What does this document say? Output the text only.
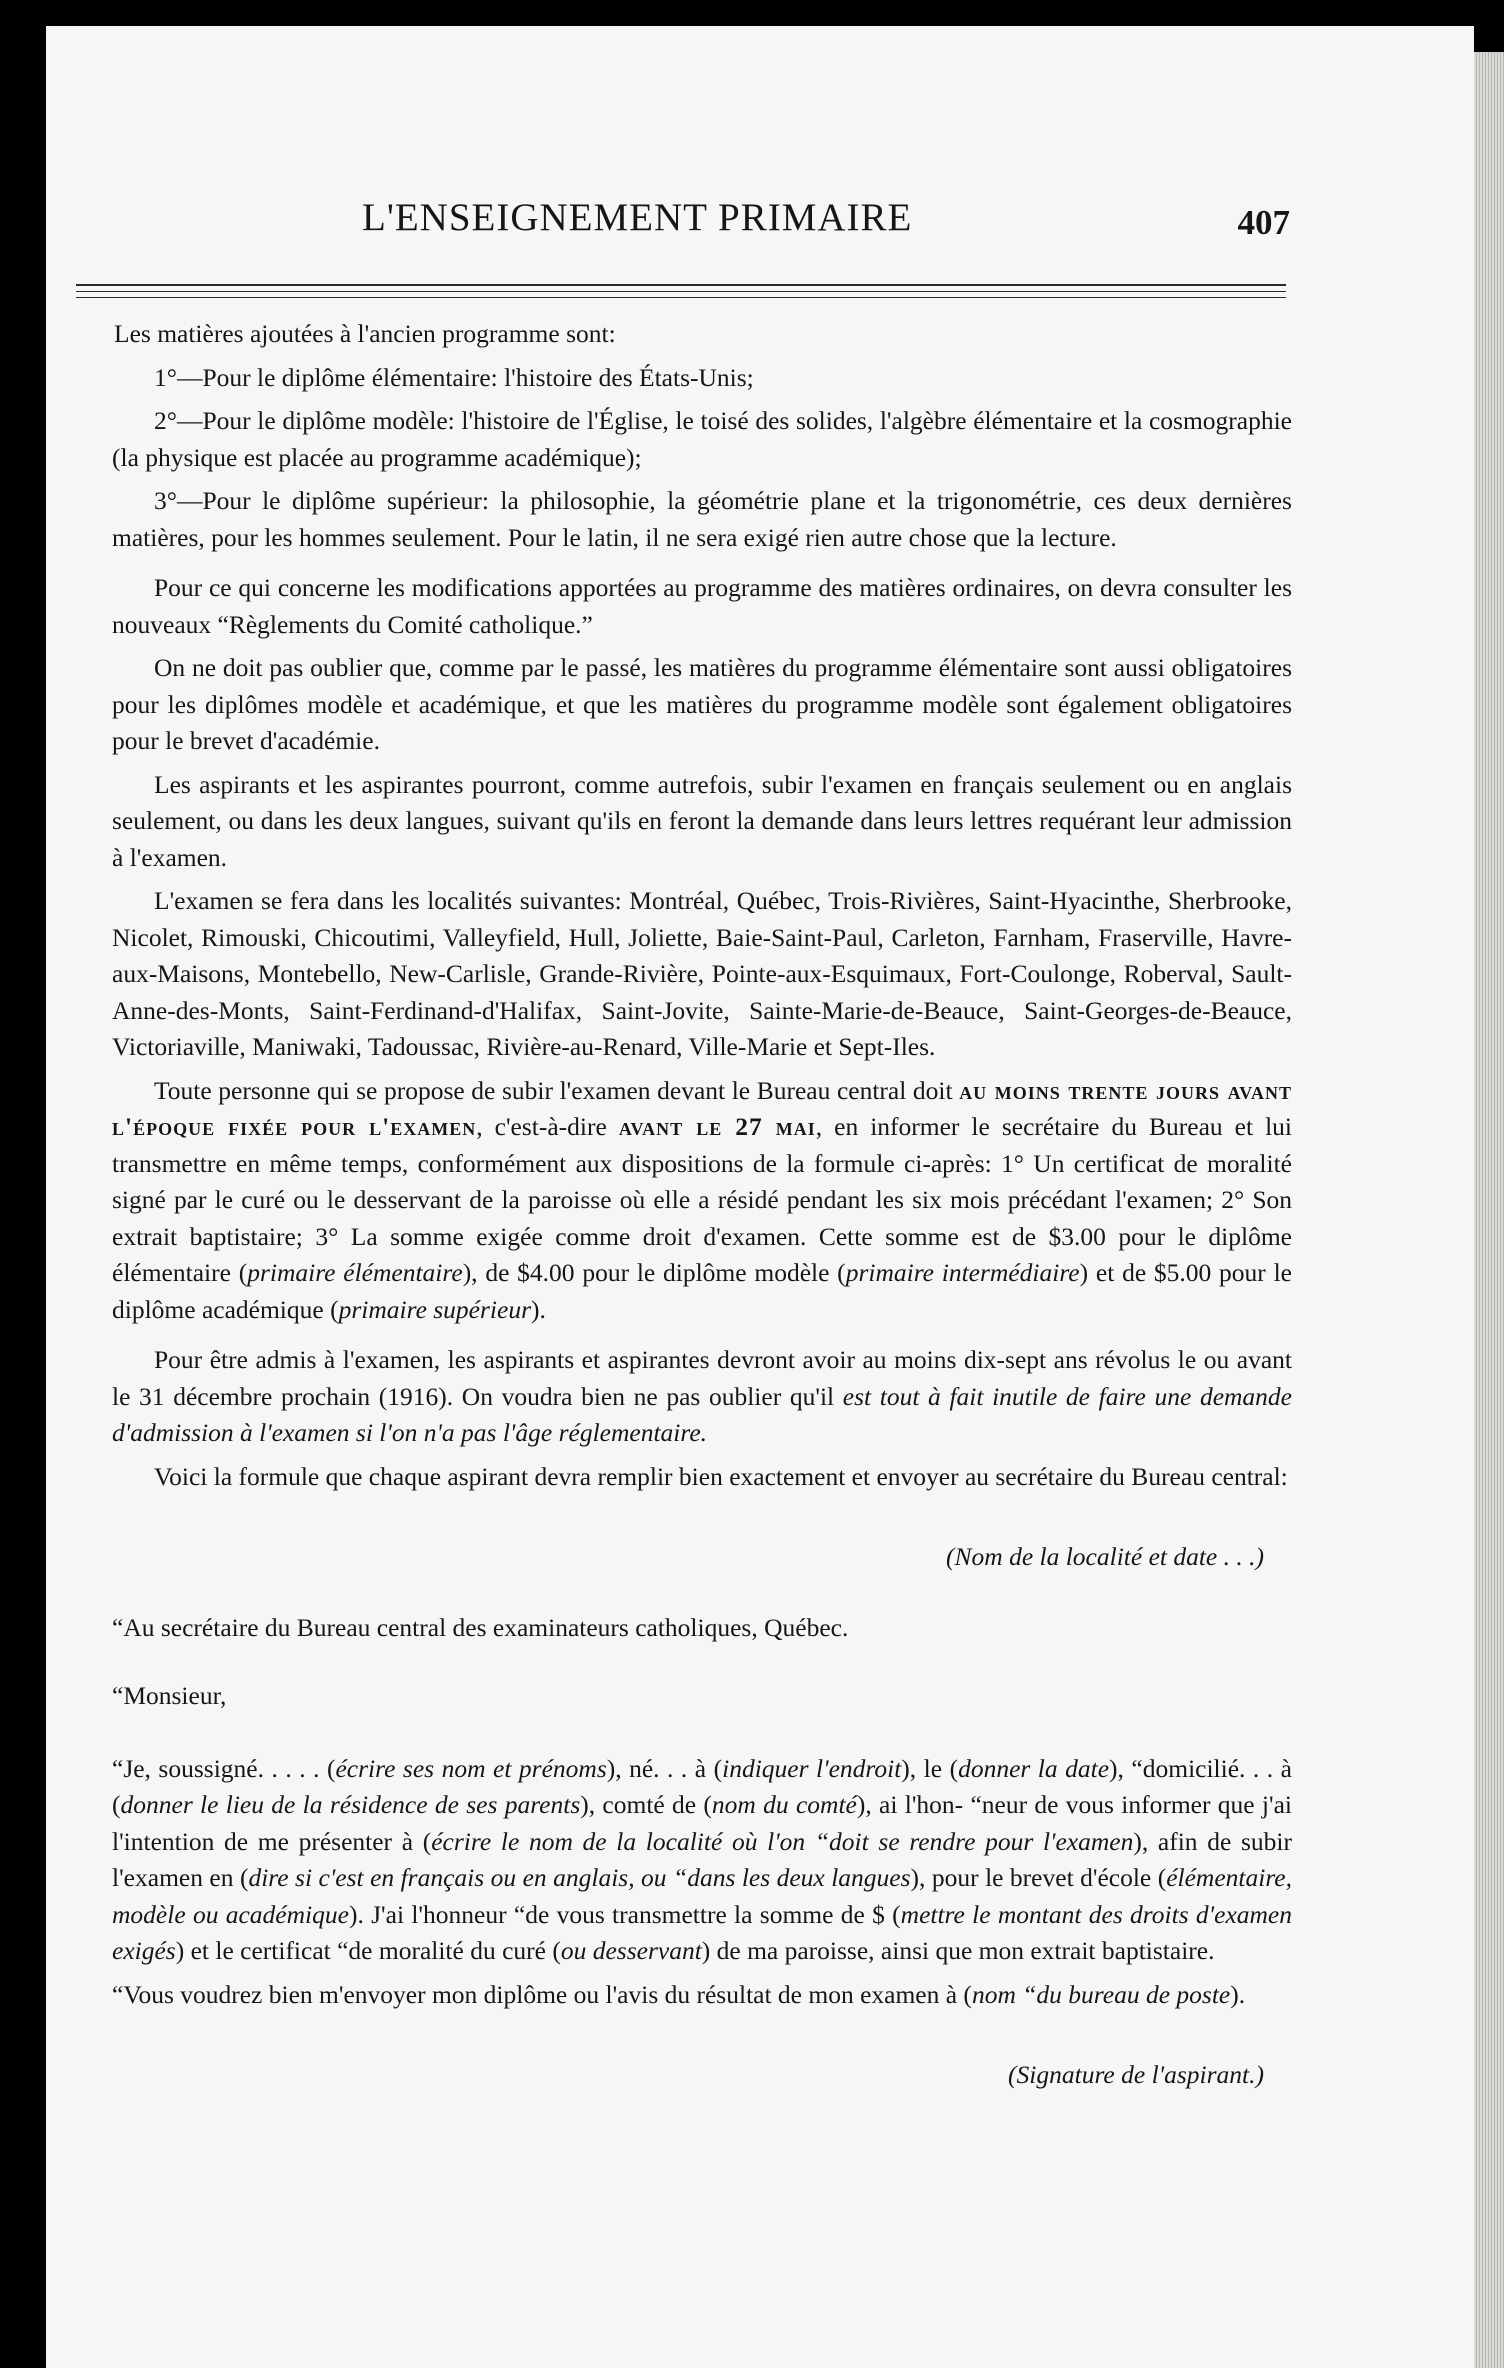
L'ENSEIGNEMENT PRIMAIRE	407

Les matières ajoutées à l'ancien programme sont:

1°—Pour le diplôme élémentaire: l'histoire des États-Unis;

2°—Pour le diplôme modèle: l'histoire de l'Église, le toisé des solides, l'algèbre élémentaire et la cosmographie (la physique est placée au programme académique);

3°—Pour le diplôme supérieur: la philosophie, la géométrie plane et la trigonométrie, ces deux dernières matières, pour les hommes seulement. Pour le latin, il ne sera exigé rien autre chose que la lecture.

Pour ce qui concerne les modifications apportées au programme des matières ordinaires, on devra consulter les nouveaux “Règlements du Comité catholique.”

On ne doit pas oublier que, comme par le passé, les matières du programme élémentaire sont aussi obligatoires pour les diplômes modèle et académique, et que les matières du programme modèle sont également obligatoires pour le brevet d'académie.

Les aspirants et les aspirantes pourront, comme autrefois, subir l'examen en français seulement ou en anglais seulement, ou dans les deux langues, suivant qu'ils en feront la demande dans leurs lettres requérant leur admission à l'examen.

L'examen se fera dans les localités suivantes: Montréal, Québec, Trois-Rivières, Saint-Hyacinthe, Sherbrooke, Nicolet, Rimouski, Chicoutimi, Valleyfield, Hull, Joliette, Baie-Saint-Paul, Carleton, Farnham, Fraserville, Havre-aux-Maisons, Montebello, New-Carlisle, Grande-Rivière, Pointe-aux-Esquimaux, Fort-Coulonge, Roberval, Sault-Anne-des-Monts, Saint-Ferdinand-d'Halifax, Saint-Jovite, Sainte-Marie-de-Beauce, Saint-Georges-de-Beauce, Victoriaville, Maniwaki, Tadoussac, Rivière-au-Renard, Ville-Marie et Sept-Iles.

Toute personne qui se propose de subir l'examen devant le Bureau central doit au moins trente jours avant l'époque fixée pour l'examen, c'est-à-dire avant le 27 mai, en informer le secrétaire du Bureau et lui transmettre en même temps, conformément aux dispositions de la formule ci-après: 1° Un certificat de moralité signé par le curé ou le desservant de la paroisse où elle a résidé pendant les six mois précédant l'examen; 2° Son extrait baptistaire; 3° La somme exigée comme droit d'examen. Cette somme est de $3.00 pour le diplôme élémentaire (primaire élémentaire), de $4.00 pour le diplôme modèle (primaire intermédiaire) et de $5.00 pour le diplôme académique (primaire supérieur).

Pour être admis à l'examen, les aspirants et aspirantes devront avoir au moins dix-sept ans révolus le ou avant le 31 décembre prochain (1916). On voudra bien ne pas oublier qu'il est tout à fait inutile de faire une demande d'admission à l'examen si l'on n'a pas l'âge réglementaire.

Voici la formule que chaque aspirant devra remplir bien exactement et envoyer au secrétaire du Bureau central:

(Nom de la localité et date . . .)

“Au secrétaire du Bureau central des examinateurs catholiques, Québec.

“Monsieur,

“Je, soussigné. . . . . (écrire ses nom et prénoms), né. . . à (indiquer l'endroit), le (donner la date), “domicilié. . . à (donner le lieu de la résidence de ses parents), comté de (nom du comté), ai l'hon- “neur de vous informer que j'ai l'intention de me présenter à (écrire le nom de la localité où l'on “doit se rendre pour l'examen), afin de subir l'examen en (dire si c'est en français ou en anglais, ou “dans les deux langues), pour le brevet d'école (élémentaire, modèle ou académique). J'ai l'honneur “de vous transmettre la somme de $ (mettre le montant des droits d'examen exigés) et le certificat “de moralité du curé (ou desservant) de ma paroisse, ainsi que mon extrait baptistaire.

“Vous voudrez bien m'envoyer mon diplôme ou l'avis du résultat de mon examen à (nom “du bureau de poste).

(Signature de l'aspirant.)
